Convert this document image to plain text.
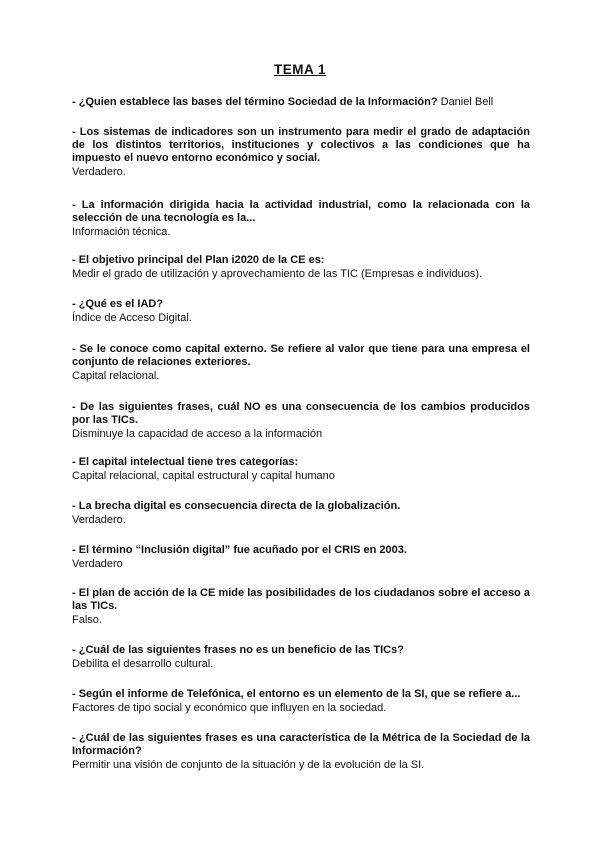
TEMA 1
- ¿Quien establece las bases del término Sociedad de la Información? Daniel Bell
- Los sistemas de indicadores son un instrumento para medir el grado de adaptación de los distintos territorios, instituciones y colectivos a las condiciones que ha impuesto el nuevo entorno económico y social.
Verdadero.
- La información dirigida hacia la actividad industrial, como la relacionada con la selección de una tecnología es la...
Información técnica.
- El objetivo principal del Plan i2020 de la CE es:
Medir el grado de utilización y aprovechamiento de las TIC (Empresas e individuos).
- ¿Qué es el IAD?
Índice de Acceso Digital.
- Se le conoce como capital externo. Se refiere al valor que tiene para una empresa el conjunto de relaciones exteriores.
Capital relacional.
- De las siguientes frases, cuál NO es una consecuencia de los cambios producidos por las TICs.
Disminuye la capacidad de acceso a la información
- El capital intelectual tiene tres categorías:
Capital relacional, capital estructural y capital humano
- La brecha digital es consecuencia directa de la globalización.
Verdadero.
- El término “Inclusión digital” fue acuñado por el CRIS en 2003.
Verdadero
- El plan de acción de la CE mide las posibilidades de los ciudadanos sobre el acceso a las TICs.
Falso.
- ¿Cuál de las siguientes frases no es un beneficio de las TICs?
Debilita el desarrollo cultural.
- Según el informe de Telefónica, el entorno es un elemento de la SI, que se refiere a...
Factores de tipo social y económico que influyen en la sociedad.
- ¿Cuál de las siguientes frases es una característica de la Métrica de la Sociedad de la Información?
Permitir una visión de conjunto de la situación y de la evolución de la SI.
